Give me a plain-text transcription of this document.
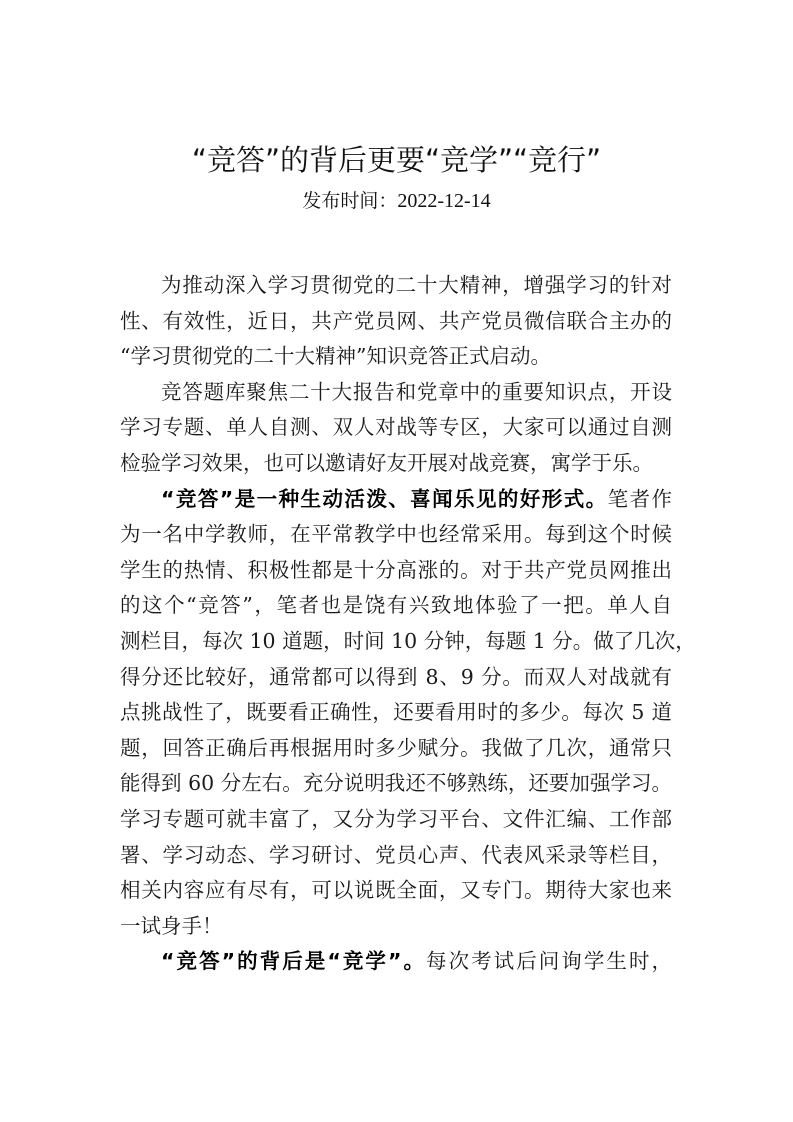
“竞答”的背后更要“竞学”“竞行”
发布时间：2022-12-14
为推动深入学习贯彻党的二十大精神，增强学习的针对
性、有效性，近日，共产党员网、共产党员微信联合主办的
“学习贯彻党的二十大精神”知识竞答正式启动。
竞答题库聚焦二十大报告和党章中的重要知识点，开设
学习专题、单人自测、双人对战等专区，大家可以通过自测
检验学习效果，也可以邀请好友开展对战竞赛，寓学于乐。
“竞答”是一种生动活泼、喜闻乐见的好形式。笔者作
为一名中学教师，在平常教学中也经常采用。每到这个时候
学生的热情、积极性都是十分高涨的。对于共产党员网推出
的这个“竞答”，笔者也是饶有兴致地体验了一把。单人自
测栏目，每次 10 道题，时间 10 分钟，每题 1 分。做了几次，
得分还比较好，通常都可以得到 8、9 分。而双人对战就有
点挑战性了，既要看正确性，还要看用时的多少。每次 5 道
题，回答正确后再根据用时多少赋分。我做了几次，通常只
能得到 60 分左右。充分说明我还不够熟练，还要加强学习。
学习专题可就丰富了，又分为学习平台、文件汇编、工作部
署、学习动态、学习研讨、党员心声、代表风采录等栏目，
相关内容应有尽有，可以说既全面，又专门。期待大家也来
一试身手！
“竞答”的背后是“竞学”。每次考试后问询学生时，
